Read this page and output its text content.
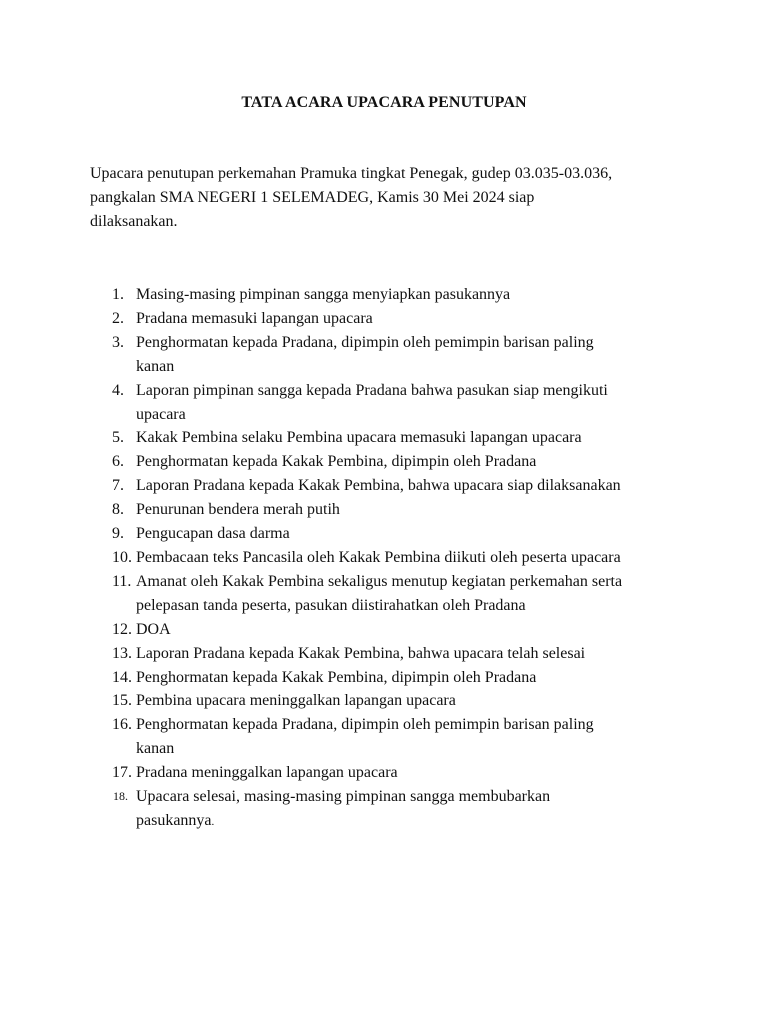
TATA ACARA UPACARA PENUTUPAN

Upacara penutupan perkemahan Pramuka tingkat Penegak, gudep 03.035-03.036,
pangkalan SMA NEGERI 1 SELEMADEG, Kamis 30 Mei 2024 siap
dilaksanakan.

1. Masing-masing pimpinan sangga menyiapkan pasukannya
2. Pradana memasuki lapangan upacara
3. Penghormatan kepada Pradana, dipimpin oleh pemimpin barisan paling
kanan
4. Laporan pimpinan sangga kepada Pradana bahwa pasukan siap mengikuti
upacara
5. Kakak Pembina selaku Pembina upacara memasuki lapangan upacara
6. Penghormatan kepada Kakak Pembina, dipimpin oleh Pradana
7. Laporan Pradana kepada Kakak Pembina, bahwa upacara siap dilaksanakan
8. Penurunan bendera merah putih
9. Pengucapan dasa darma
10. Pembacaan teks Pancasila oleh Kakak Pembina diikuti oleh peserta upacara
11. Amanat oleh Kakak Pembina sekaligus menutup kegiatan perkemahan serta
pelepasan tanda peserta, pasukan diistirahatkan oleh Pradana
12. DOA
13. Laporan Pradana kepada Kakak Pembina, bahwa upacara telah selesai
14. Penghormatan kepada Kakak Pembina, dipimpin oleh Pradana
15. Pembina upacara meninggalkan lapangan upacara
16. Penghormatan kepada Pradana, dipimpin oleh pemimpin barisan paling
kanan
17. Pradana meninggalkan lapangan upacara
18. Upacara selesai, masing-masing pimpinan sangga membubarkan
pasukannya.
